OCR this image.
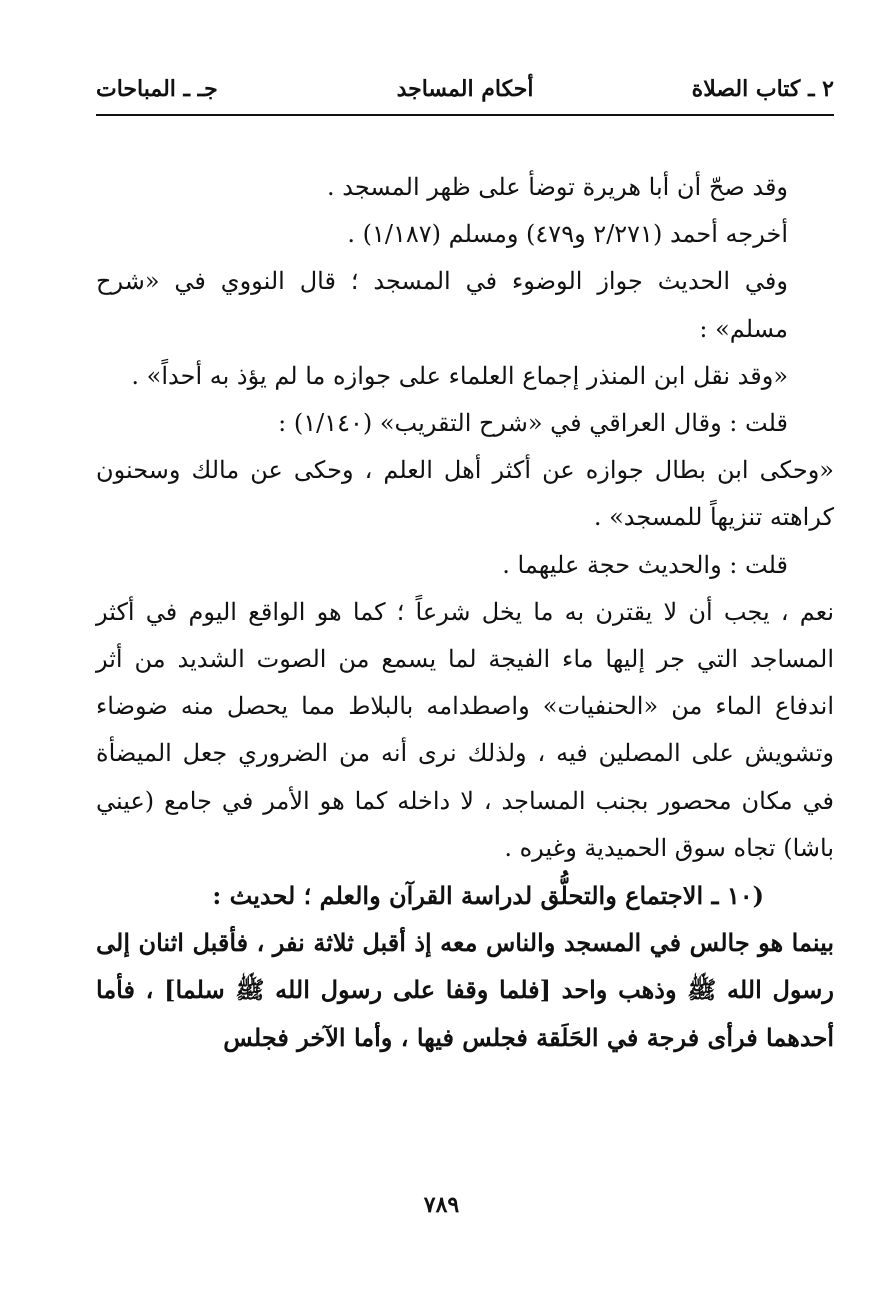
٢ ـ كتاب الصلاة
أحكام المساجد
جـ ـ المباحات

وقد صحّ أن أبا هريرة توضأ على ظهر المسجد .

أخرجه أحمد (٢/٢٧١ و٤٧٩) ومسلم (١/١٨٧) .

وفي الحديث جواز الوضوء في المسجد ؛ قال النووي في «شرح مسلم» :

«وقد نقل ابن المنذر إجماع العلماء على جوازه ما لم يؤذ به أحداً» .

قلت : وقال العراقي في «شرح التقريب» (١/١٤٠) :

«وحكى ابن بطال جوازه عن أكثر أهل العلم ، وحكى عن مالك وسحنون كراهته تنزيهاً للمسجد» .

قلت : والحديث حجة عليهما .

نعم ، يجب أن لا يقترن به ما يخل شرعاً ؛ كما هو الواقع اليوم في أكثر المساجد التي جر إليها ماء الفيجة لما يسمع من الصوت الشديد من أثر اندفاع الماء من «الحنفيات» واصطدامه بالبلاط مما يحصل منه ضوضاء وتشويش على المصلين فيه ، ولذلك نرى أنه من الضروري جعل الميضأة في مكان محصور بجنب المساجد ، لا داخله كما هو الأمر في جامع (عيني باشا) تجاه سوق الحميدية وغيره .

(١٠ ـ الاجتماع والتحلُّق لدراسة القرآن والعلم ؛ لحديث :

بينما هو جالس في المسجد والناس معه إذ أقبل ثلاثة نفر ، فأقبل اثنان إلى رسول الله ﷺ وذهب واحد [فلما وقفا على رسول الله ﷺ سلما] ، فأما أحدهما فرأى فرجة في الحَلَقة فجلس فيها ، وأما الآخر فجلس

٧٨٩
